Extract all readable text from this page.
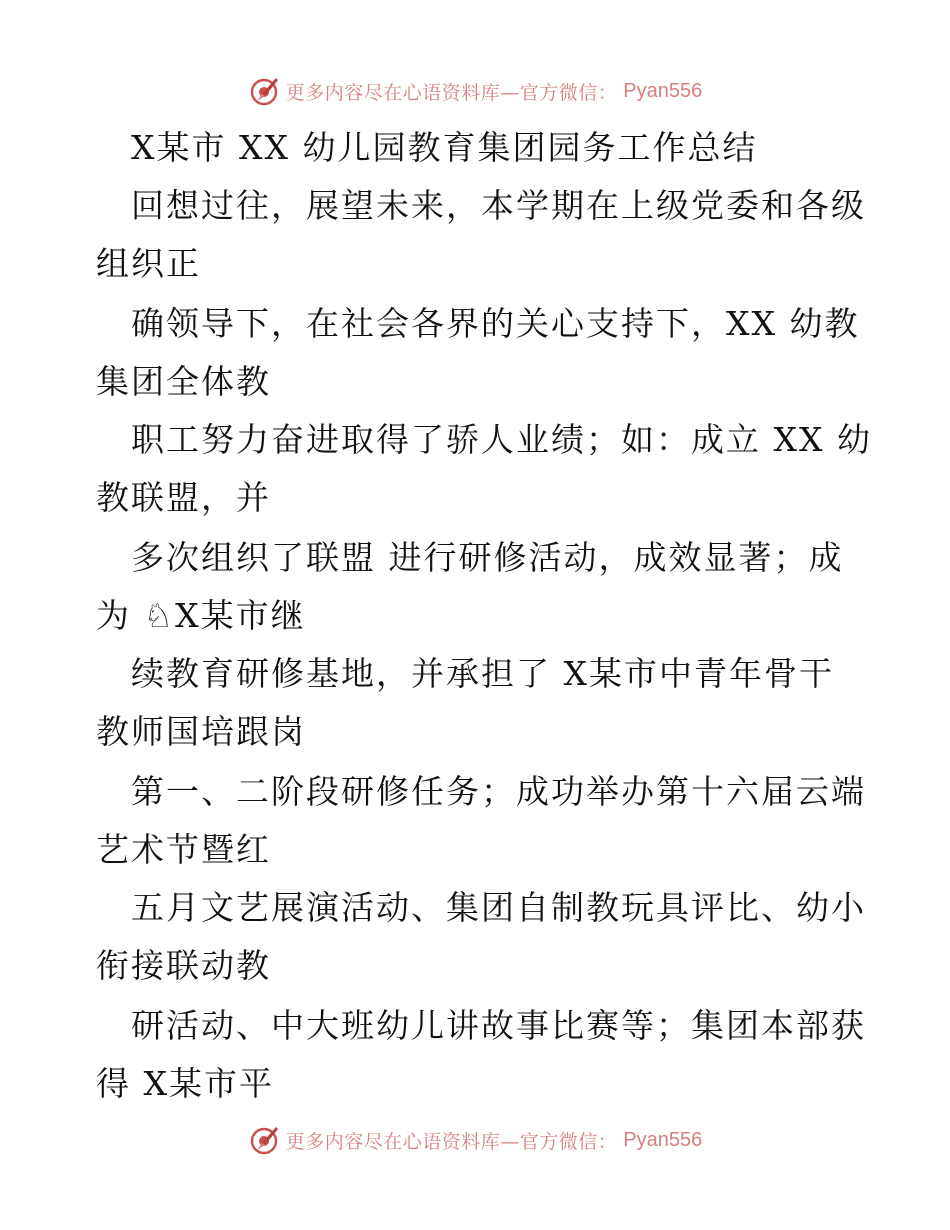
更多内容尽在心语资料库—官方微信： Pyan556
　X某市 XX 幼儿园教育集团园务工作总结
　回想过往，展望未来，本学期在上级党委和各级
组织正
　确领导下，在社会各界的关心支持下，XX 幼教
集团全体教
　职工努力奋进取得了骄人业绩；如：成立 XX 幼
教联盟，并
　多次组织了联盟 进行研修活动，成效显著；成
为 ♘X某市继
　续教育研修基地，并承担了 X某市中青年骨干
教师国培跟岗
　第一、二阶段研修任务；成功举办第十六届云端
艺术节暨红
　五月文艺展演活动、集团自制教玩具评比、幼小
衔接联动教
　研活动、中大班幼儿讲故事比赛等；集团本部获
得 X某市平
更多内容尽在心语资料库—官方微信： Pyan556
